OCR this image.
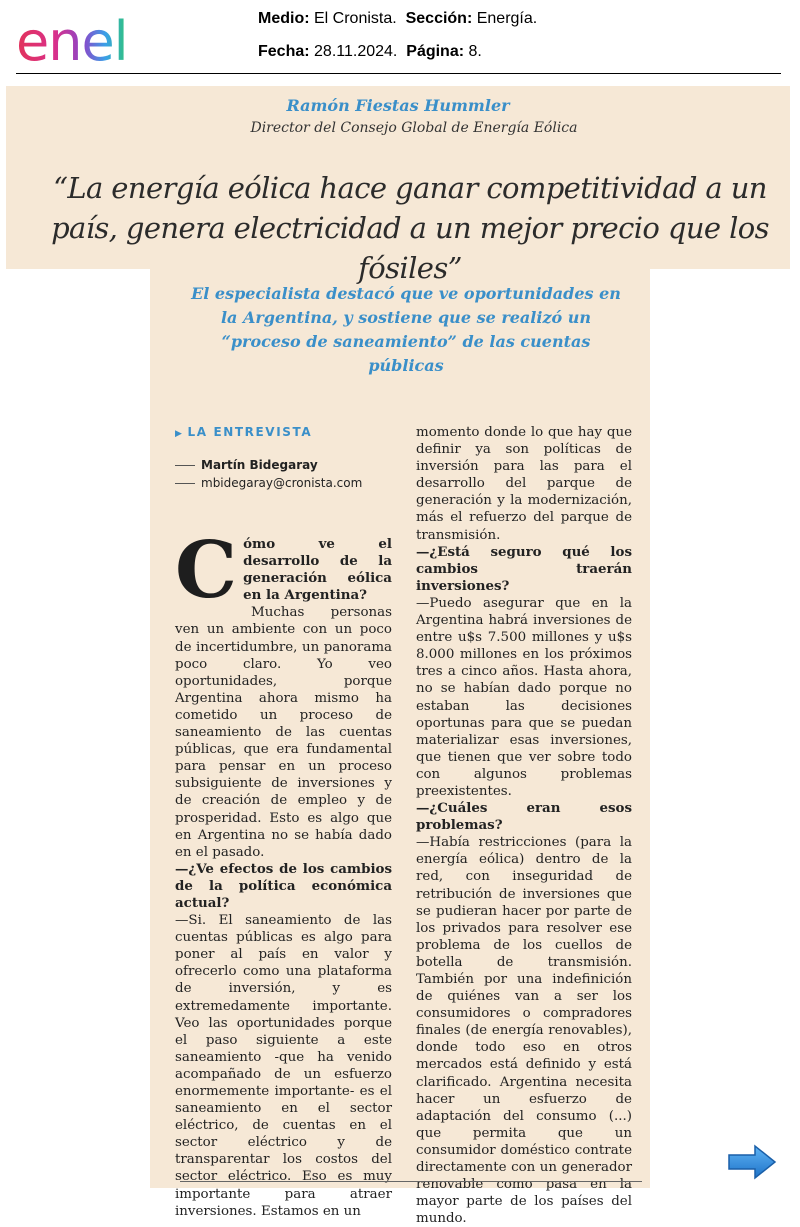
enel	Medio: El Cronista. Sección: Energía.
Fecha: 28.11.2024. Página: 8.

Ramón Fiestas Hummler

Director del Consejo Global de Energía Eólica

“La energía eólica hace ganar competitividad a un país, genera electricidad a un mejor precio que los fósiles”

El especialista destacó que ve oportunidades en la Argentina, y sostiene que se realizó un “proceso de saneamiento” de las cuentas públicas

▶ LA ENTREVISTA
Martín Bidegaray
mbidegaray@cronista.com
C ómo ve el desarrollo de la generación eólica en la Argentina?

Muchas personas ven un ambiente con un poco de incertidumbre, un panorama poco claro. Yo veo oportunidades, porque Argentina ahora mismo ha cometido un proceso de saneamiento de las cuentas públicas, que era fundamental para pensar en un proceso subsiguiente de inversiones y de creación de empleo y de prosperidad. Esto es algo que en Argentina no se había dado en el pasado.

—¿Ve efectos de los cambios de la política económica actual?

—Si. El saneamiento de las cuentas públicas es algo para poner al país en valor y ofrecerlo como una plataforma de inversión, y es extremedamente importante. Veo las oportunidades porque el paso siguiente a este saneamiento -que ha venido acompañado de un esfuerzo enormemente importante- es el saneamiento en el sector eléctrico, de cuentas en el sector eléctrico y de transparentar los costos del sector eléctrico. Eso es muy importante para atraer inversiones. Estamos en un

momento donde lo que hay que definir ya son políticas de inversión para las para el desarrollo del parque de generación y la modernización, más el refuerzo del parque de transmisión.

—¿Está seguro qué los cambios traerán inversiones?

—Puedo asegurar que en la Argentina habrá inversiones de entre u$s 7.500 millones y u$s 8.000 millones en los próximos tres a cinco años. Hasta ahora, no se habían dado porque no estaban las decisiones oportunas para que se puedan materializar esas inversiones, que tienen que ver sobre todo con algunos problemas preexistentes.

—¿Cuáles eran esos problemas?

—Había restricciones (para la energía eólica) dentro de la red, con inseguridad de retribución de inversiones que se pudieran hacer por parte de los privados para resolver ese problema de los cuellos de botella de transmisión. También por una indefinición de quiénes van a ser los consumidores o compradores finales (de energía renovables), donde todo eso en otros mercados está definido y está clarificado. Argentina necesita hacer un esfuerzo de adaptación del consumo (...) que permita que un consumidor doméstico contrate directamente con un generador renovable como pasa en la mayor parte de los países del mundo.
